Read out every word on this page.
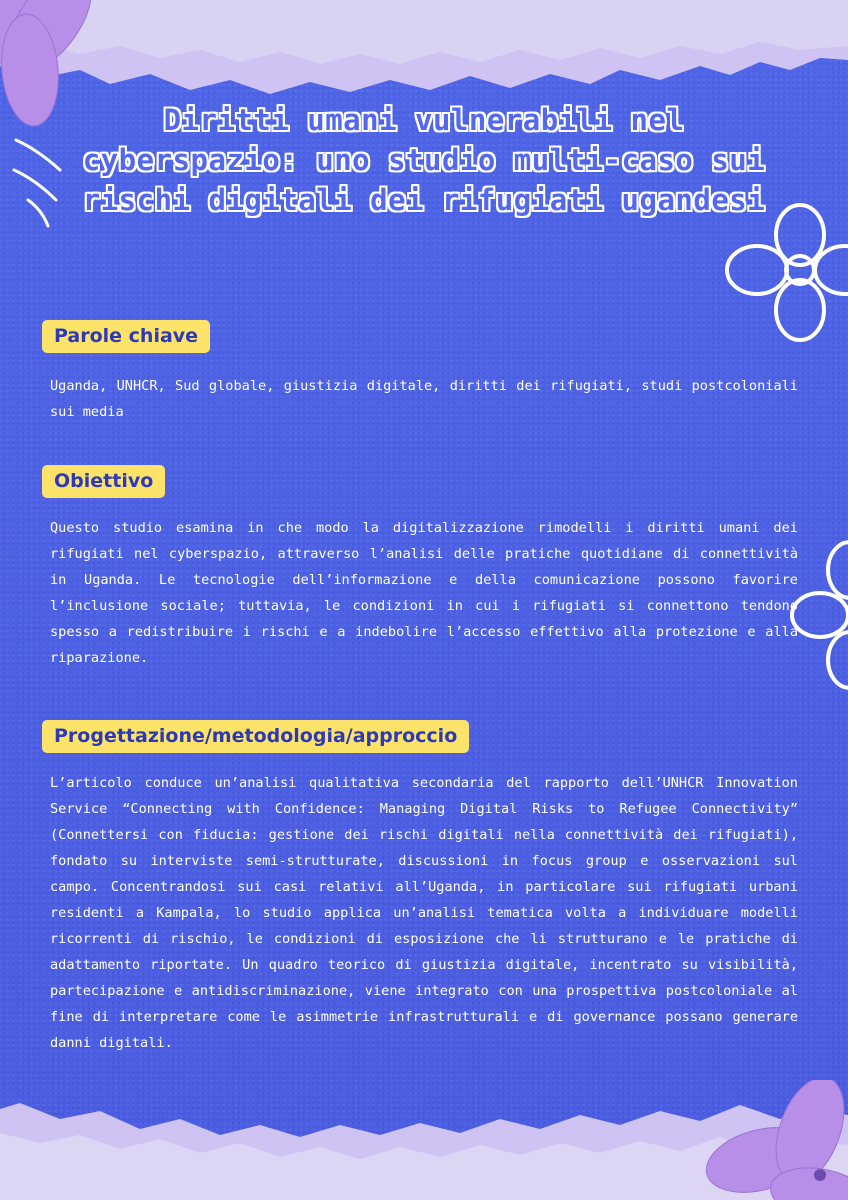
Diritti umani vulnerabili nel cyberspazio: uno studio multi-caso sui rischi digitali dei rifugiati ugandesi
Parole chiave

Uganda, UNHCR, Sud globale, giustizia digitale, diritti dei rifugiati, studi postcoloniali sui media

Obiettivo

Questo studio esamina in che modo la digitalizzazione rimodelli i diritti umani dei rifugiati nel cyberspazio, attraverso l’analisi delle pratiche quotidiane di connettività in Uganda. Le tecnologie dell’informazione e della comunicazione possono favorire l’inclusione sociale; tuttavia, le condizioni in cui i rifugiati si connettono tendono spesso a redistribuire i rischi e a indebolire l’accesso effettivo alla protezione e alla riparazione.

Progettazione/metodologia/approccio

L’articolo conduce un’analisi qualitativa secondaria del rapporto dell’UNHCR Innovation Service “Connecting with Confidence: Managing Digital Risks to Refugee Connectivity” (Connettersi con fiducia: gestione dei rischi digitali nella connettività dei rifugiati), fondato su interviste semi-strutturate, discussioni in focus group e osservazioni sul campo. Concentrandosi sui casi relativi all’Uganda, in particolare sui rifugiati urbani residenti a Kampala, lo studio applica un’analisi tematica volta a individuare modelli ricorrenti di rischio, le condizioni di esposizione che li strutturano e le pratiche di adattamento riportate. Un quadro teorico di giustizia digitale, incentrato su visibilità, partecipazione e antidiscriminazione, viene integrato con una prospettiva postcoloniale al fine di interpretare come le asimmetrie infrastrutturali e di governance possano generare danni digitali.
